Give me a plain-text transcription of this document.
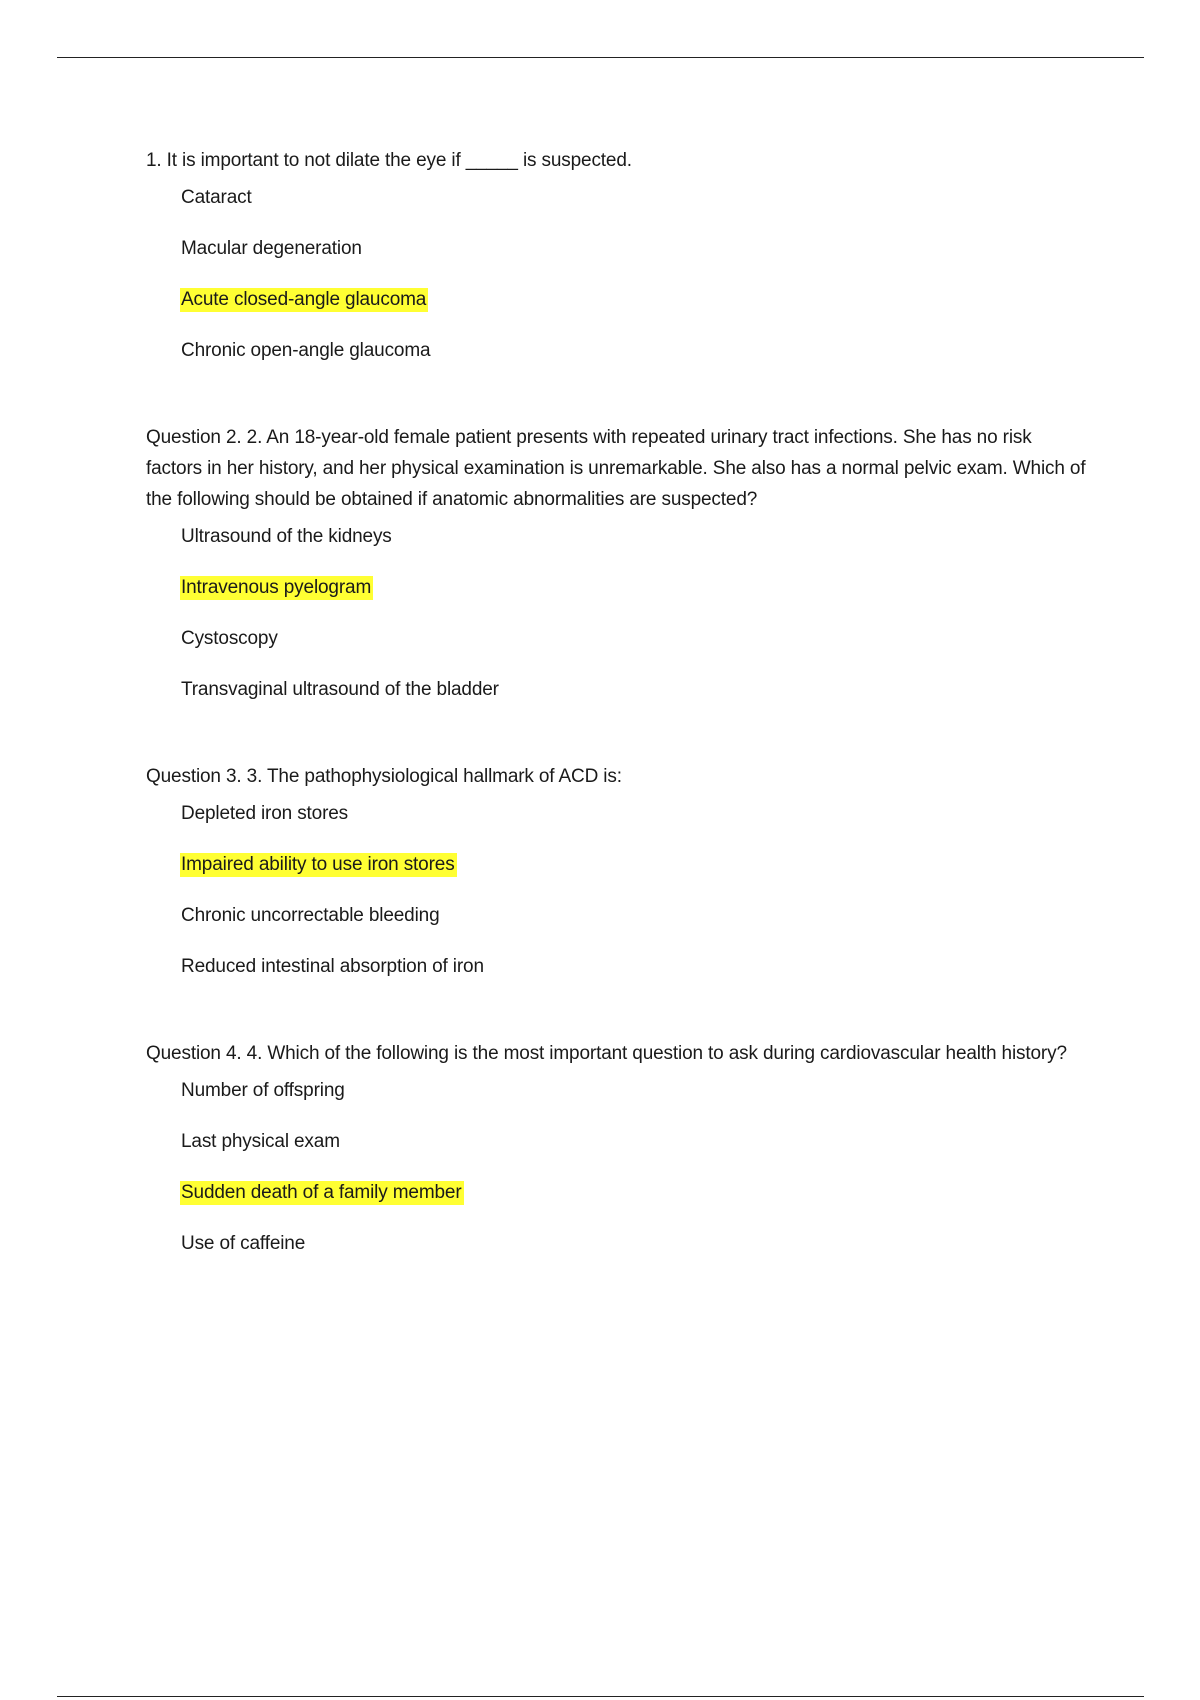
1. It is important to not dilate the eye if _____ is suspected.

Cataract
Macular degeneration
Acute closed-angle glaucoma
Chronic open-angle glaucoma

Question 2. 2. An 18-year-old female patient presents with repeated urinary tract infections. She has no risk factors in her history, and her physical examination is unremarkable. She also has a normal pelvic exam. Which of the following should be obtained if anatomic abnormalities are suspected?

Ultrasound of the kidneys
Intravenous pyelogram
Cystoscopy
Transvaginal ultrasound of the bladder

Question 3. 3. The pathophysiological hallmark of ACD is:

Depleted iron stores
Impaired ability to use iron stores
Chronic uncorrectable bleeding
Reduced intestinal absorption of iron

Question 4. 4. Which of the following is the most important question to ask during cardiovascular health history?

Number of offspring
Last physical exam
Sudden death of a family member
Use of caffeine
